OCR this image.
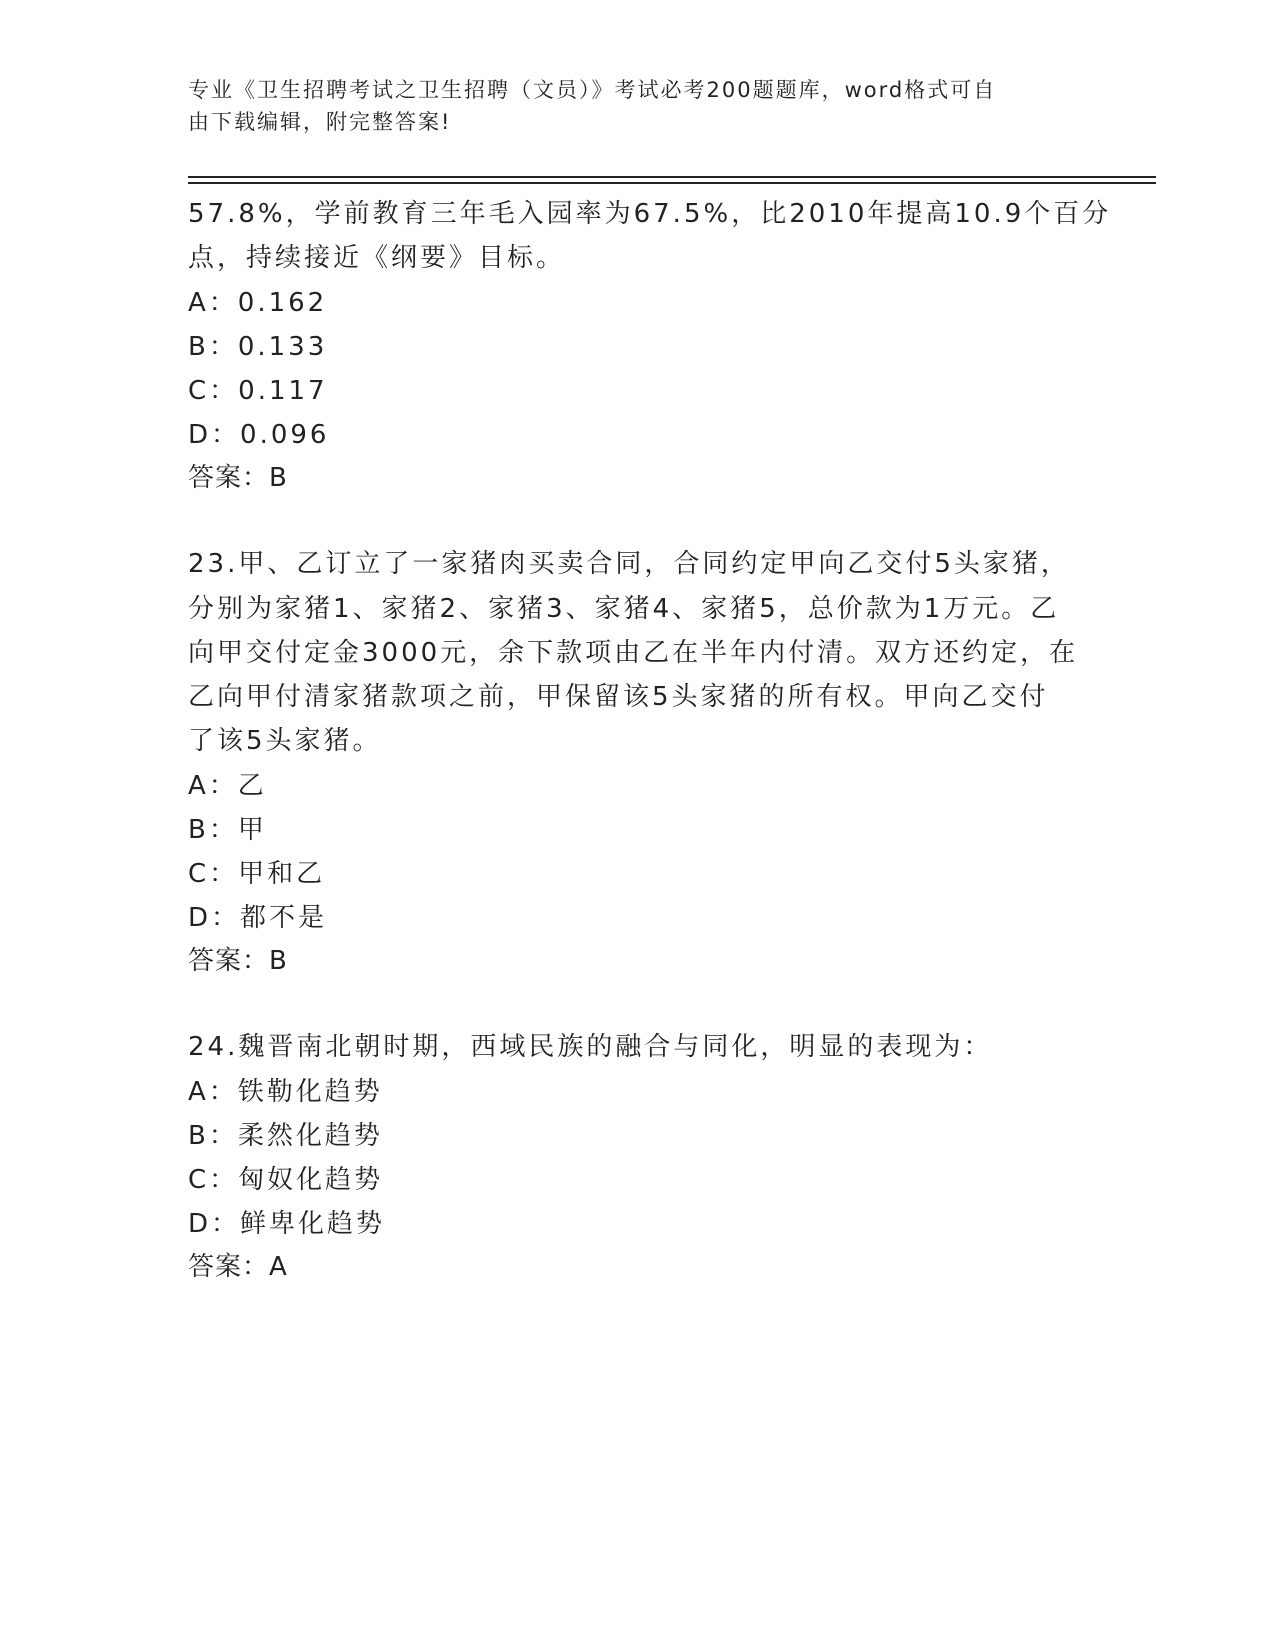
专业《卫生招聘考试之卫生招聘（文员）》考试必考200题题库，word格式可自
由下载编辑，附完整答案!
57.8%，学前教育三年毛入园率为67.5%，比2010年提高10.9个百分
点，持续接近《纲要》目标。
A：0.162
B：0.133
C：0.117
D：0.096
答案：B
23.甲、乙订立了一家猪肉买卖合同，合同约定甲向乙交付5头家猪，
分别为家猪1、家猪2、家猪3、家猪4、家猪5，总价款为1万元。乙
向甲交付定金3000元，余下款项由乙在半年内付清。双方还约定，在
乙向甲付清家猪款项之前，甲保留该5头家猪的所有权。甲向乙交付
了该5头家猪。
A：乙
B：甲
C：甲和乙
D：都不是
答案：B
24.魏晋南北朝时期，西域民族的融合与同化，明显的表现为：
A：铁勒化趋势
B：柔然化趋势
C：匈奴化趋势
D：鲜卑化趋势
答案：A
